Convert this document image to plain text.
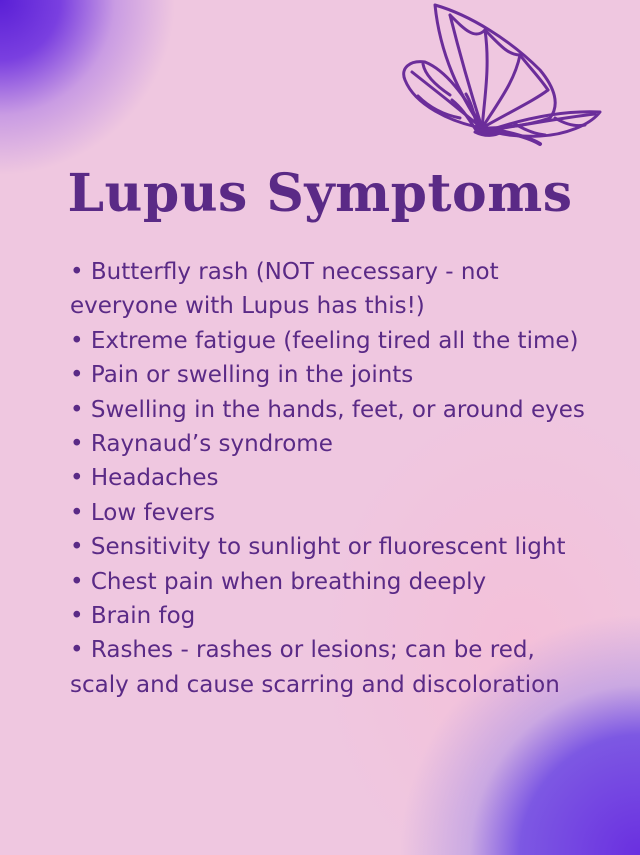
Lupus Symptoms
• Butterfly rash (NOT necessary - not everyone with Lupus has this!)
• Extreme fatigue (feeling tired all the time)
• Pain or swelling in the joints
• Swelling in the hands, feet, or around eyes
• Raynaud’s syndrome
• Headaches
• Low fevers
• Sensitivity to sunlight or fluorescent light
• Chest pain when breathing deeply
• Brain fog
• Rashes - rashes or lesions; can be red, scaly and cause scarring and discoloration
